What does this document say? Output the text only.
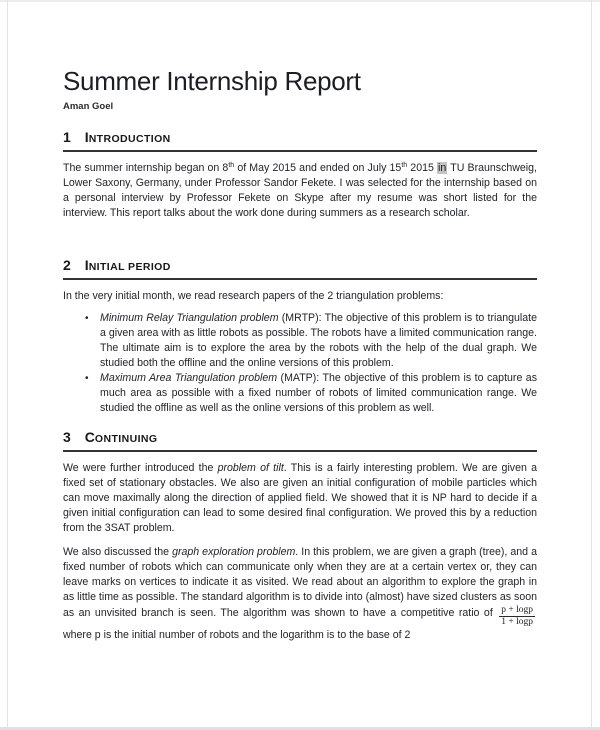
Summer Internship Report
Aman Goel
1 INTRODUCTION
The summer internship began on 8th of May 2015 and ended on July 15th 2015 in TU Braunschweig, Lower Saxony, Germany, under Professor Sandor Fekete. I was selected for the internship based on a personal interview by Professor Fekete on Skype after my resume was short listed for the interview. This report talks about the work done during summers as a research scholar.
2 INITIAL PERIOD
In the very initial month, we read research papers of the 2 triangulation problems:
•	Minimum Relay Triangulation problem (MRTP): The objective of this problem is to triangulate a given area with as little robots as possible. The robots have a limited communication range. The ultimate aim is to explore the area by the robots with the help of the dual graph. We studied both the offline and the online versions of this problem.
•	Maximum Area Triangulation problem (MATP): The objective of this problem is to capture as much area as possible with a fixed number of robots of limited communication range. We studied the offline as well as the online versions of this problem as well.
3 CONTINUING
We were further introduced the problem of tilt. This is a fairly interesting problem. We are given a fixed set of stationary obstacles. We also are given an initial configuration of mobile particles which can move maximally along the direction of applied field. We showed that it is NP hard to decide if a given initial configuration can lead to some desired final configuration. We proved this by a reduction from the 3SAT problem.
We also discussed the graph exploration problem. In this problem, we are given a graph (tree), and a fixed number of robots which can communicate only when they are at a certain vertex or, they can leave marks on vertices to indicate it as visited. We read about an algorithm to explore the graph in as little time as possible. The standard algorithm is to divide into (almost) have sized clusters as soon as an unvisited branch is seen. The algorithm was shown to have a competitive ratio of $\frac{p + \log p}{1 + \log p}$
where p is the initial number of robots and the logarithm is to the base of 2
